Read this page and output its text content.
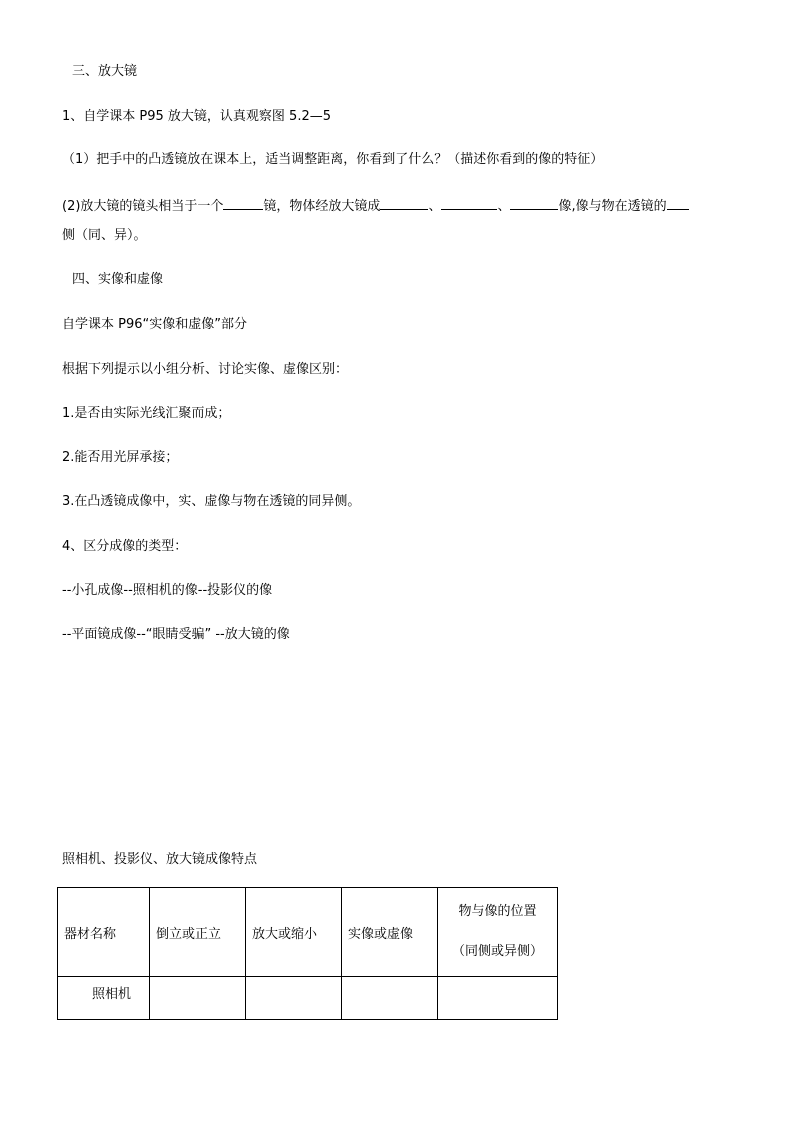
三、放大镜
1、自学课本 P95 放大镜，认真观察图 5.2—5
（1）把手中的凸透镜放在课本上，适当调整距离，你看到了什么？（描述你看到的像的特征）
(2)放大镜的镜头相当于一个	镜，物体经放大镜成	、	、	像,像与物在透镜的
侧（同、异）。
四、实像和虚像
自学课本 P96“实像和虚像”部分
根据下列提示以小组分析、讨论实像、虚像区别：
1.是否由实际光线汇聚而成；
2.能否用光屏承接；
3.在凸透镜成像中，实、虚像与物在透镜的同异侧。
4、区分成像的类型：
--小孔成像--照相机的像--投影仪的像
--平面镜成像--“眼睛受骗” --放大镜的像
照相机、投影仪、放大镜成像特点
器材名称	倒立或正立	放大或缩小	实像或虚像	物与像的位置
（同侧或异侧）

照相机				
